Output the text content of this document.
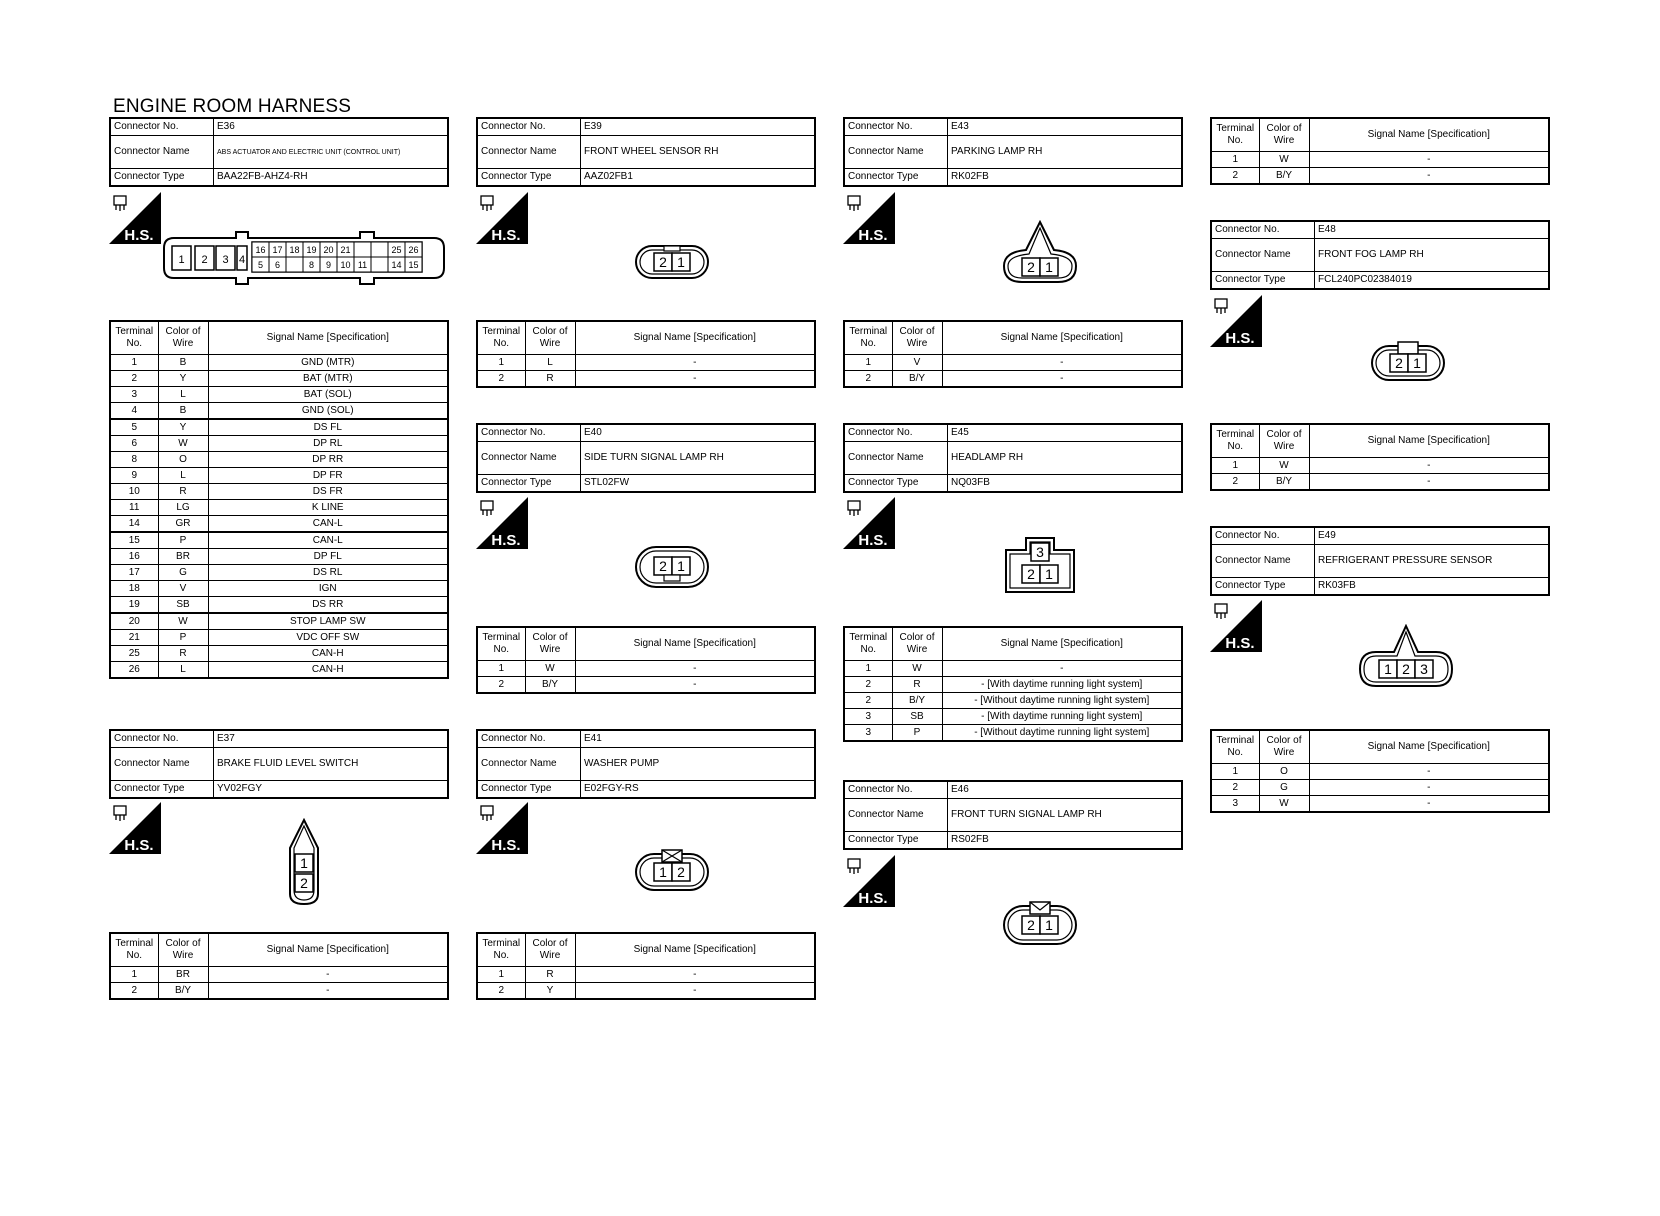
ENGINE ROOM HARNESS
Connector No.	E36
Connector Name	ABS ACTUATOR AND ELECTRIC UNIT (CONTROL UNIT)
Connector Type	BAA22FB-AHZ4-RH
H.S.
1 2 3 4
16 17 18 19 20 21	25 26
5 6	8 9 10 11	14 15
Terminal No.	Color of Wire	Signal Name [Specification]
1	B	GND (MTR)
2	Y	BAT (MTR)
3	L	BAT (SOL)
4	B	GND (SOL)
5	Y	DS FL
6	W	DP RL
8	O	DP RR
9	L	DP FR
10	R	DS FR
11	LG	K LINE
14	GR	CAN-L
15	P	CAN-L
16	BR	DP FL
17	G	DS RL
18	V	IGN
19	SB	DS RR
20	W	STOP LAMP SW
21	P	VDC OFF SW
25	R	CAN-H
26	L	CAN-H
Connector No.	E37
Connector Name	BRAKE FLUID LEVEL SWITCH
Connector Type	YV02FGY
H.S.
1
2
Terminal No.	Color of Wire	Signal Name [Specification]
1	BR	-
2	B/Y	-
Connector No.	E39
Connector Name	FRONT WHEEL SENSOR RH
Connector Type	AAZ02FB1
H.S.
2 1
Terminal No.	Color of Wire	Signal Name [Specification]
1	L	-
2	R	-
Connector No.	E40
Connector Name	SIDE TURN SIGNAL LAMP RH
Connector Type	STL02FW
H.S.
2 1
Terminal No.	Color of Wire	Signal Name [Specification]
1	W	-
2	B/Y	-
Connector No.	E41
Connector Name	WASHER PUMP
Connector Type	E02FGY-RS
H.S.
1 2
Terminal No.	Color of Wire	Signal Name [Specification]
1	R	-
2	Y	-
Connector No.	E43
Connector Name	PARKING LAMP RH
Connector Type	RK02FB
H.S.
2 1
Terminal No.	Color of Wire	Signal Name [Specification]
1	V	-
2	B/Y	-
Connector No.	E45
Connector Name	HEADLAMP RH
Connector Type	NQ03FB
H.S.
3
2 1
Terminal No.	Color of Wire	Signal Name [Specification]
1	W	-
2	R	- [With daytime running light system]
2	B/Y	- [Without daytime running light system]
3	SB	- [With daytime running light system]
3	P	- [Without daytime running light system]
Connector No.	E46
Connector Name	FRONT TURN SIGNAL LAMP RH
Connector Type	RS02FB
H.S.
2 1
Terminal No.	Color of Wire	Signal Name [Specification]
1	W	-
2	B/Y	-
Connector No.	E48
Connector Name	FRONT FOG LAMP RH
Connector Type	FCL240PC02384019
H.S.
2 1
Terminal No.	Color of Wire	Signal Name [Specification]
1	W	-
2	B/Y	-
Connector No.	E49
Connector Name	REFRIGERANT PRESSURE SENSOR
Connector Type	RK03FB
H.S.
1 2 3
Terminal No.	Color of Wire	Signal Name [Specification]
1	O	-
2	G	-
3	W	-
